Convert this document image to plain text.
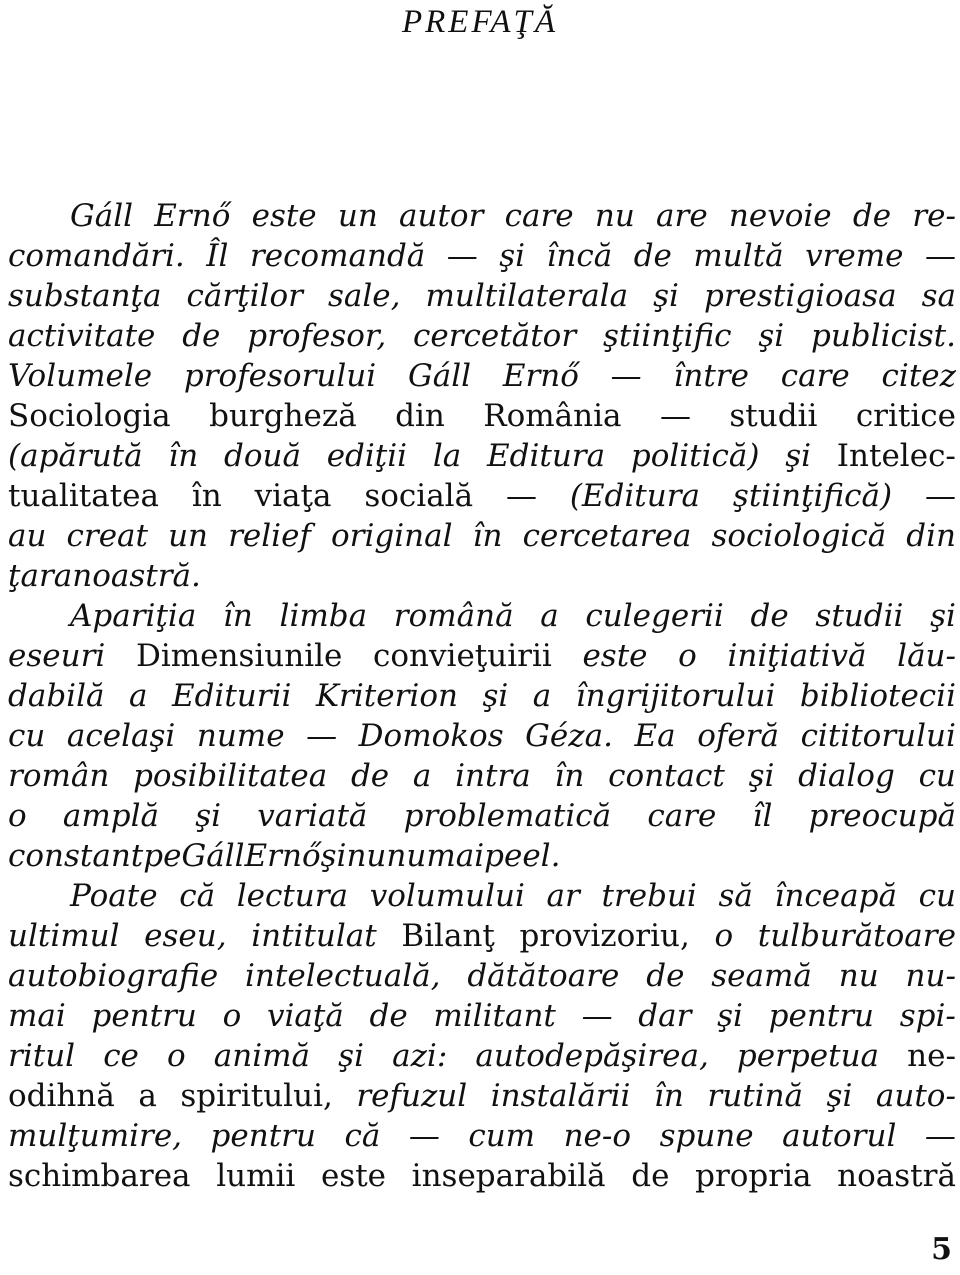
PREFAŢĂ
Gáll Ernő este un autor care nu are nevoie de re-
comandări. Îl recomandă — şi încă de multă vreme —
substanţa cărţilor sale, multilaterala şi prestigioasa sa
activitate de profesor, cercetător ştiinţific şi publicist.
Volumele profesorului Gáll Ernő — între care citez
Sociologia burgheză din România — studii critice
(apărută în două ediţii la Editura politică) şi Intelec-
tualitatea în viaţa socială — (Editura ştiinţifică) —
au creat un relief original în cercetarea sociologică din
ţara noastră.
Apariţia în limba română a culegerii de studii şi
eseuri Dimensiunile convieţuirii este o iniţiativă lău-
dabilă a Editurii Kriterion şi a îngrijitorului bibliotecii
cu acelaşi nume — Domokos Géza. Ea oferă cititorului
român posibilitatea de a intra în contact şi dialog cu
o amplă şi variată problematică care îl preocupă
constant pe Gáll Ernő şi nu numai pe el.
Poate că lectura volumului ar trebui să înceapă cu
ultimul eseu, intitulat Bilanţ provizoriu, o tulburătoare
autobiografie intelectuală, dătătoare de seamă nu nu-
mai pentru o viaţă de militant — dar şi pentru spi-
ritul ce o animă şi azi: autodepăşirea, perpetua ne-
odihnă a spiritului, refuzul instalării în rutină şi auto-
mulţumire, pentru că — cum ne-o spune autorul —
schimbarea lumii este inseparabilă de propria noastră
5
